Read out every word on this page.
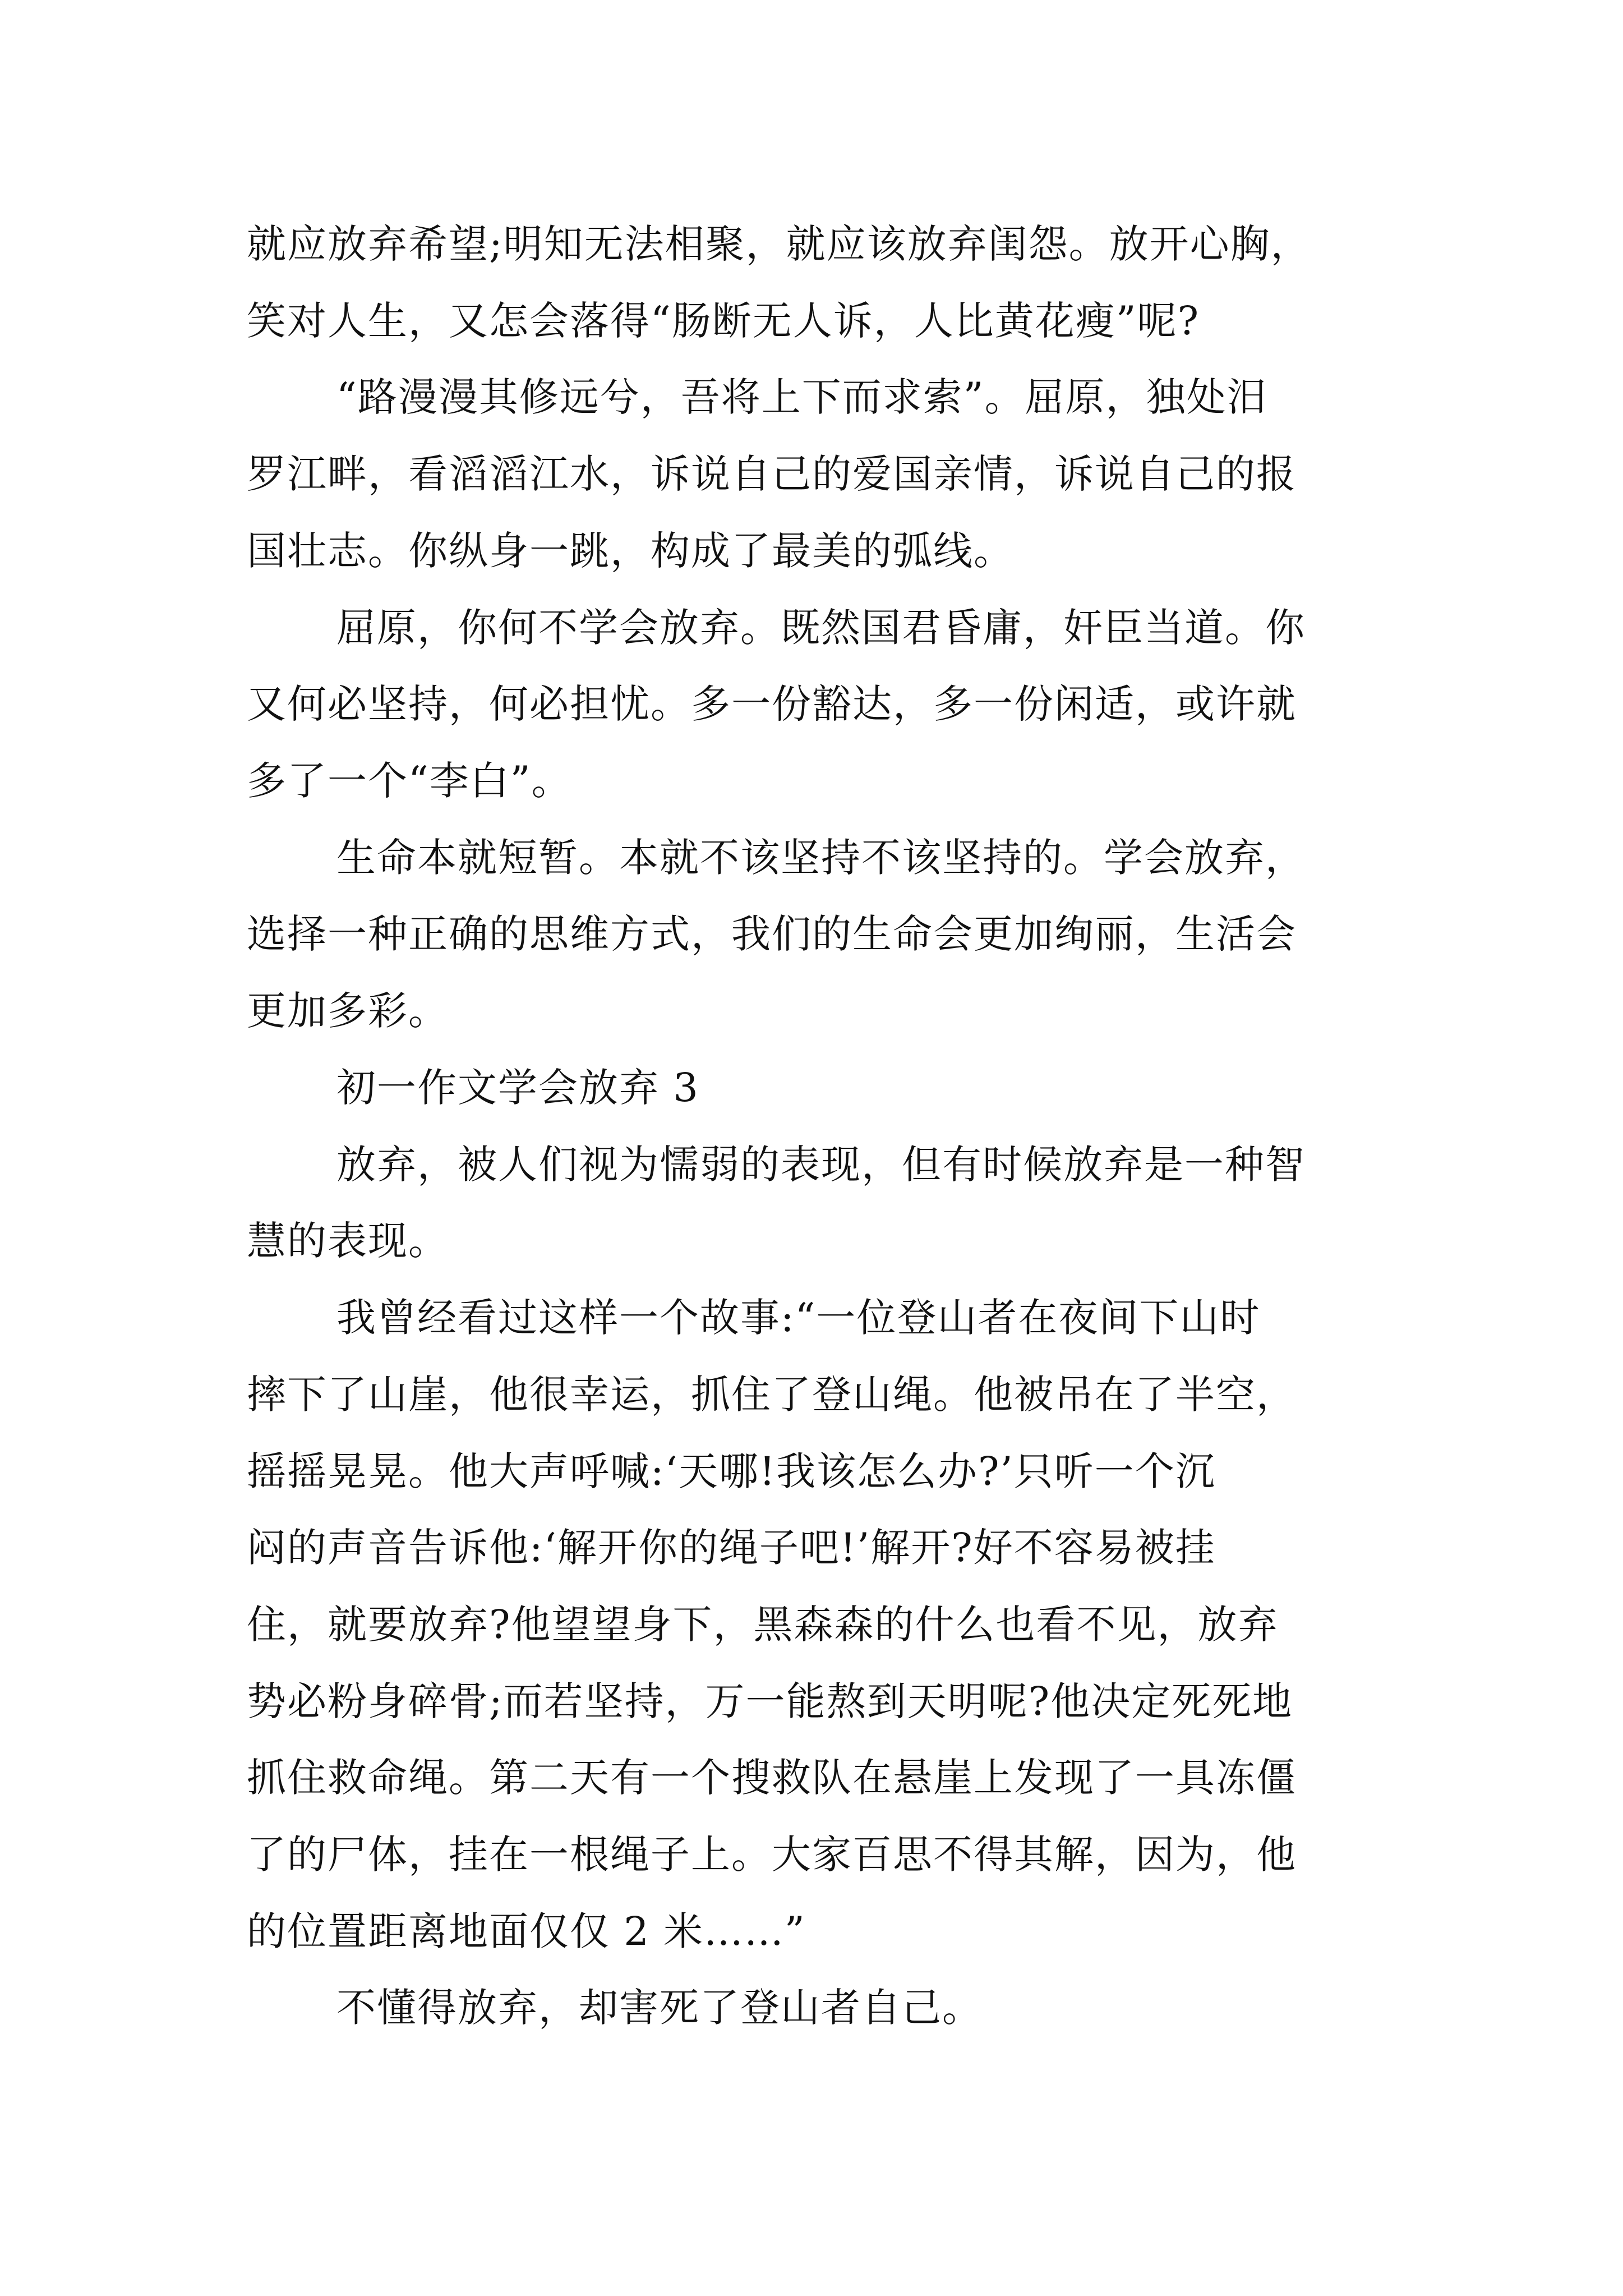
就应放弃希望;明知无法相聚，就应该放弃闺怨。放开心胸，
笑对人生，又怎会落得“肠断无人诉，人比黄花瘦”呢?
“路漫漫其修远兮，吾将上下而求索”。屈原，独处汨
罗江畔，看滔滔江水，诉说自己的爱国亲情，诉说自己的报
国壮志。你纵身一跳，构成了最美的弧线。
屈原，你何不学会放弃。既然国君昏庸，奸臣当道。你
又何必坚持，何必担忧。多一份豁达，多一份闲适，或许就
多了一个“李白”。
生命本就短暂。本就不该坚持不该坚持的。学会放弃，
选择一种正确的思维方式，我们的生命会更加绚丽，生活会
更加多彩。
初一作文学会放弃 3
放弃，被人们视为懦弱的表现，但有时候放弃是一种智
慧的表现。
我曾经看过这样一个故事:“一位登山者在夜间下山时
摔下了山崖，他很幸运，抓住了登山绳。他被吊在了半空，
摇摇晃晃。他大声呼喊:‘天哪!我该怎么办?’只听一个沉
闷的声音告诉他:‘解开你的绳子吧!’解开?好不容易被挂
住，就要放弃?他望望身下，黑森森的什么也看不见，放弃
势必粉身碎骨;而若坚持，万一能熬到天明呢?他决定死死地
抓住救命绳。第二天有一个搜救队在悬崖上发现了一具冻僵
了的尸体，挂在一根绳子上。大家百思不得其解，因为，他
的位置距离地面仅仅 2 米……”
不懂得放弃，却害死了登山者自己。
